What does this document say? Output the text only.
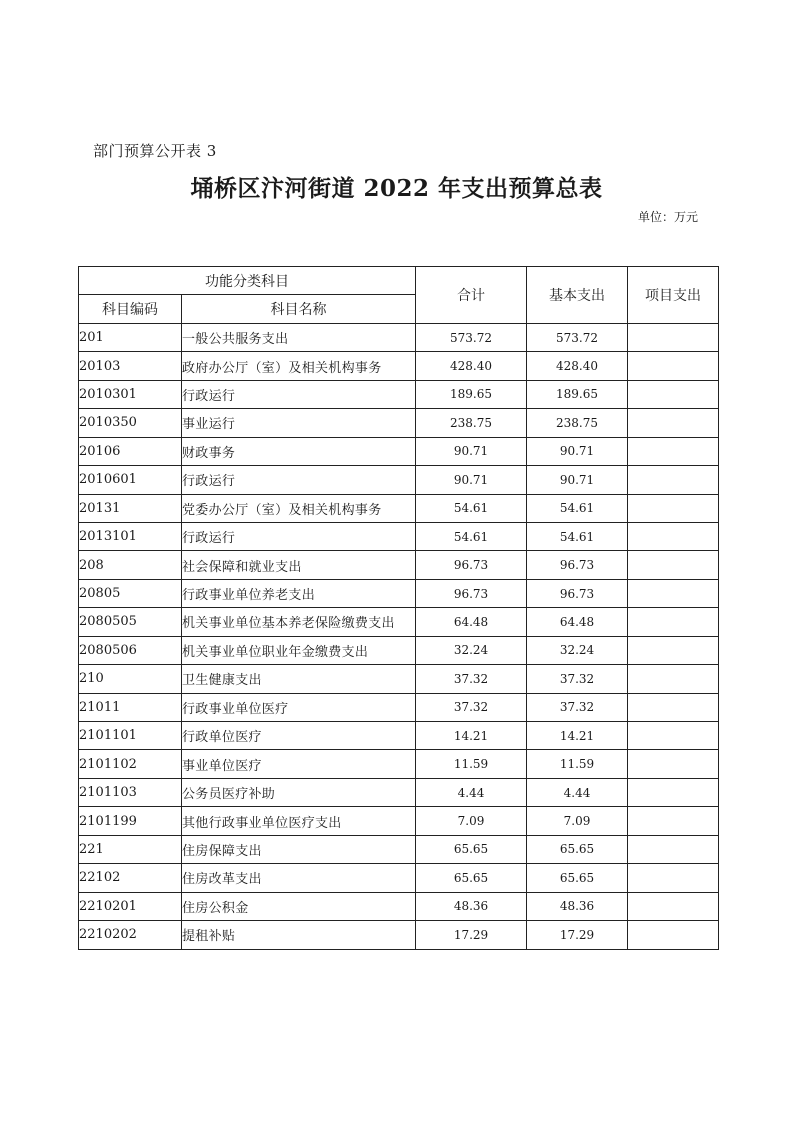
部门预算公开表 3
埇桥区汴河街道 2022 年支出预算总表
单位：万元
功能分类科目		合计	基本支出	项目支出
科目编码	科目名称			
201	一般公共服务支出	573.72	573.72	
20103	政府办公厅（室）及相关机构事务	428.40	428.40	
2010301	行政运行	189.65	189.65	
2010350	事业运行	238.75	238.75	
20106	财政事务	90.71	90.71	
2010601	行政运行	90.71	90.71	
20131	党委办公厅（室）及相关机构事务	54.61	54.61	
2013101	行政运行	54.61	54.61	
208	社会保障和就业支出	96.73	96.73	
20805	行政事业单位养老支出	96.73	96.73	
2080505	机关事业单位基本养老保险缴费支出	64.48	64.48	
2080506	机关事业单位职业年金缴费支出	32.24	32.24	
210	卫生健康支出	37.32	37.32	
21011	行政事业单位医疗	37.32	37.32	
2101101	行政单位医疗	14.21	14.21	
2101102	事业单位医疗	11.59	11.59	
2101103	公务员医疗补助	4.44	4.44	
2101199	其他行政事业单位医疗支出	7.09	7.09	
221	住房保障支出	65.65	65.65	
22102	住房改革支出	65.65	65.65	
2210201	住房公积金	48.36	48.36	
2210202	提租补贴	17.29	17.29	
